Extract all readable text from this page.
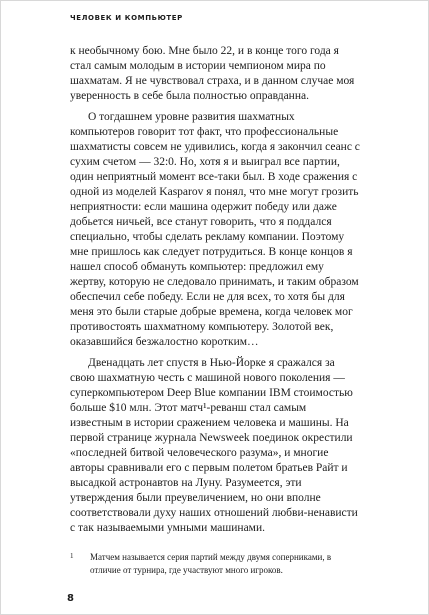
ЧЕЛОВЕК И КОМПЬЮТЕР

к необычному бою. Мне было 22, и в конце того года я стал самым молодым в истории чемпионом мира по шахматам. Я не чувствовал страха, и в данном случае моя уверенность в себе была полностью оправданна.

О тогдашнем уровне развития шахматных компьютеров говорит тот факт, что профессиональные шахматисты совсем не удивились, когда я закончил сеанс с сухим счетом — 32:0. Но, хотя я и выиграл все партии, один неприятный момент все-таки был. В ходе сражения с одной из моделей Kasparov я понял, что мне могут грозить неприятности: если машина одержит победу или даже добьется ничьей, все станут говорить, что я поддался специально, чтобы сделать рекламу компании. Поэтому мне пришлось как следует потрудиться. В конце концов я нашел способ обмануть компьютер: предложил ему жертву, которую не следовало принимать, и таким образом обеспечил себе победу. Если не для всех, то хотя бы для меня это были старые добрые времена, когда человек мог противостоять шахматному компьютеру. Золотой век, оказавшийся безжалостно коротким…

Двенадцать лет спустя в Нью-Йорке я сражался за свою шахматную честь с машиной нового поколения — суперкомпьютером Deep Blue компании IBM стоимостью больше $10 млн. Этот матч¹-реванш стал самым известным в истории сражением человека и машины. На первой странице журнала Newsweek поединок окрестили «последней битвой человеческого разума», и многие авторы сравнивали его с первым полетом братьев Райт и высадкой астронавтов на Луну. Разумеется, эти утверждения были преувеличением, но они вполне соответствовали духу наших отношений любви-ненависти с так называемыми умными машинами.

1 Матчем называется серия партий между двумя соперниками, в отличие от турнира, где участвуют много игроков.
8
